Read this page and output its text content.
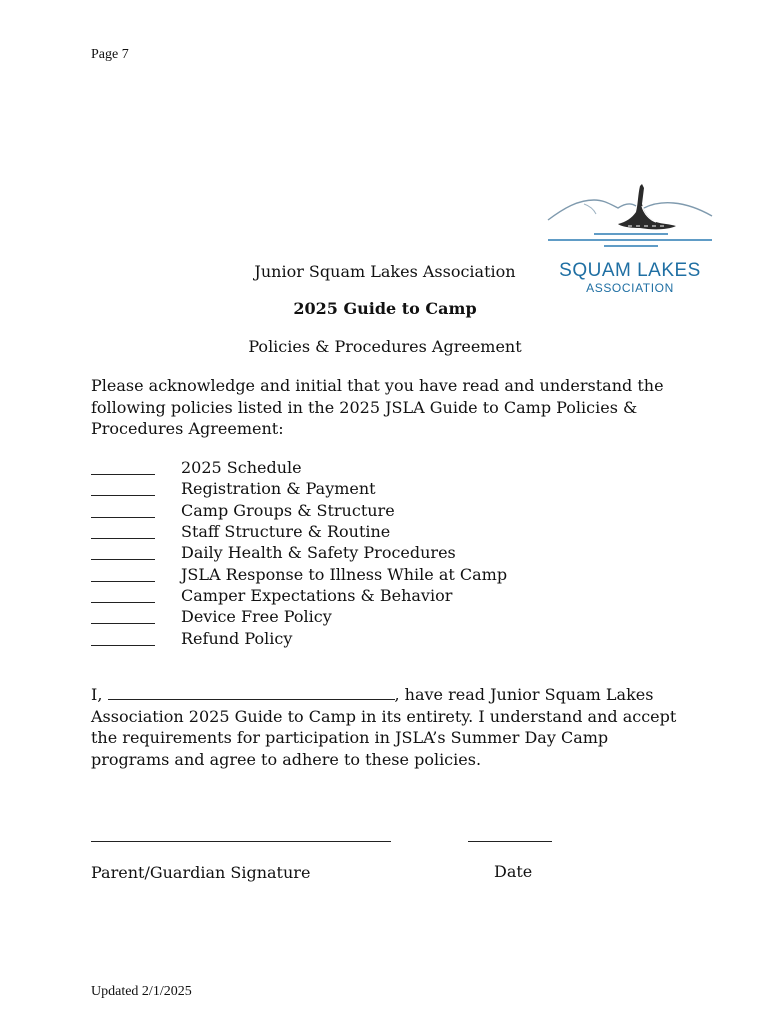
Page 7
SQUAM LAKES
ASSOCIATION
Junior Squam Lakes Association
2025 Guide to Camp
Policies & Procedures Agreement
Please acknowledge and initial that you have read and understand the following policies listed in the 2025 JSLA Guide to Camp Policies & Procedures Agreement:
2025 Schedule
Registration & Payment
Camp Groups & Structure
Staff Structure & Routine
Daily Health & Safety Procedures
JSLA Response to Illness While at Camp
Camper Expectations & Behavior
Device Free Policy
Refund Policy
I,	, have read Junior Squam Lakes Association 2025 Guide to Camp in its entirety. I understand and accept the requirements for participation in JSLA’s Summer Day Camp programs and agree to adhere to these policies.
Parent/Guardian Signature	Date
Updated 2/1/2025
